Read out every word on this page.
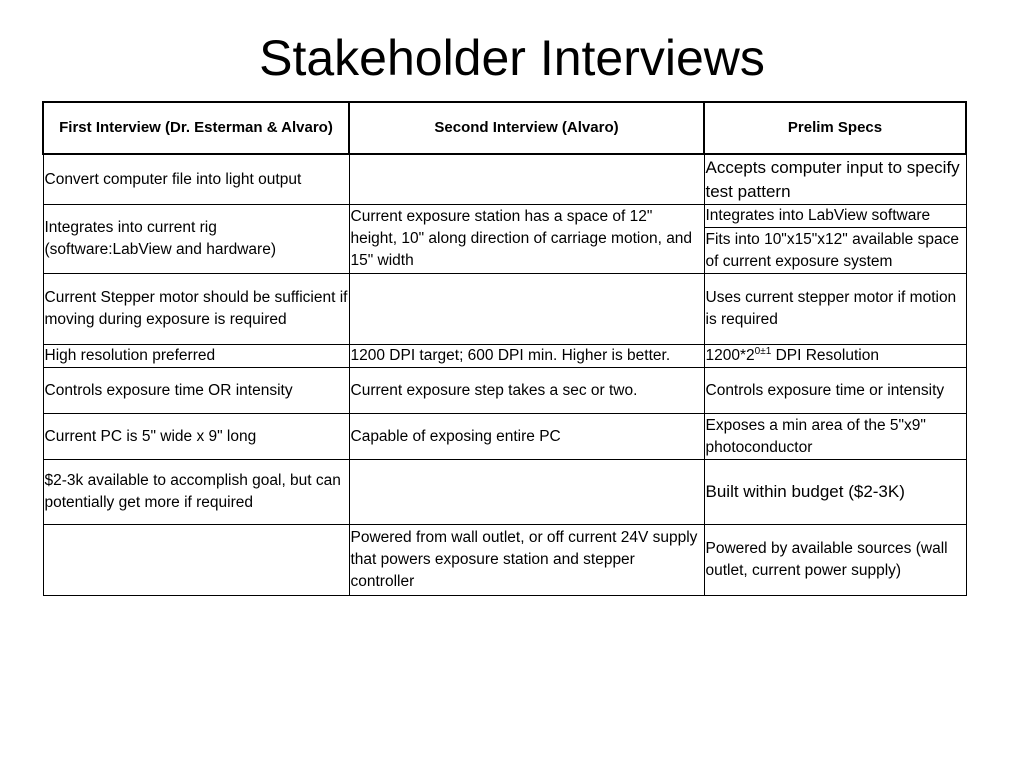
Stakeholder Interviews
First Interview (Dr. Esterman & Alvaro)	Second Interview (Alvaro)	Prelim Specs
Convert computer file into light output		Accepts computer input to specify test pattern
Integrates into current rig (software:LabView and hardware)	Current exposure station has a space of 12" height, 10" along direction of carriage motion, and 15" width	Integrates into LabView software
		Fits into 10"x15"x12" available space of current exposure system
Current Stepper motor should be sufficient if moving during exposure is required		Uses current stepper motor if motion is required
High resolution preferred	1200 DPI target; 600 DPI min. Higher is better.	$1200*2^{0\pm 1}$ DPI Resolution
Controls exposure time OR intensity	Current exposure step takes a sec or two.	Controls exposure time or intensity
Current PC is 5" wide x 9" long	Capable of exposing entire PC	Exposes a min area of the 5"x9" photoconductor
$2-3k available to accomplish goal, but can potentially get more if required		Built within budget ($2-3K)
	Powered from wall outlet, or off current 24V supply that powers exposure station and stepper controller	Powered by available sources (wall outlet, current power supply)
